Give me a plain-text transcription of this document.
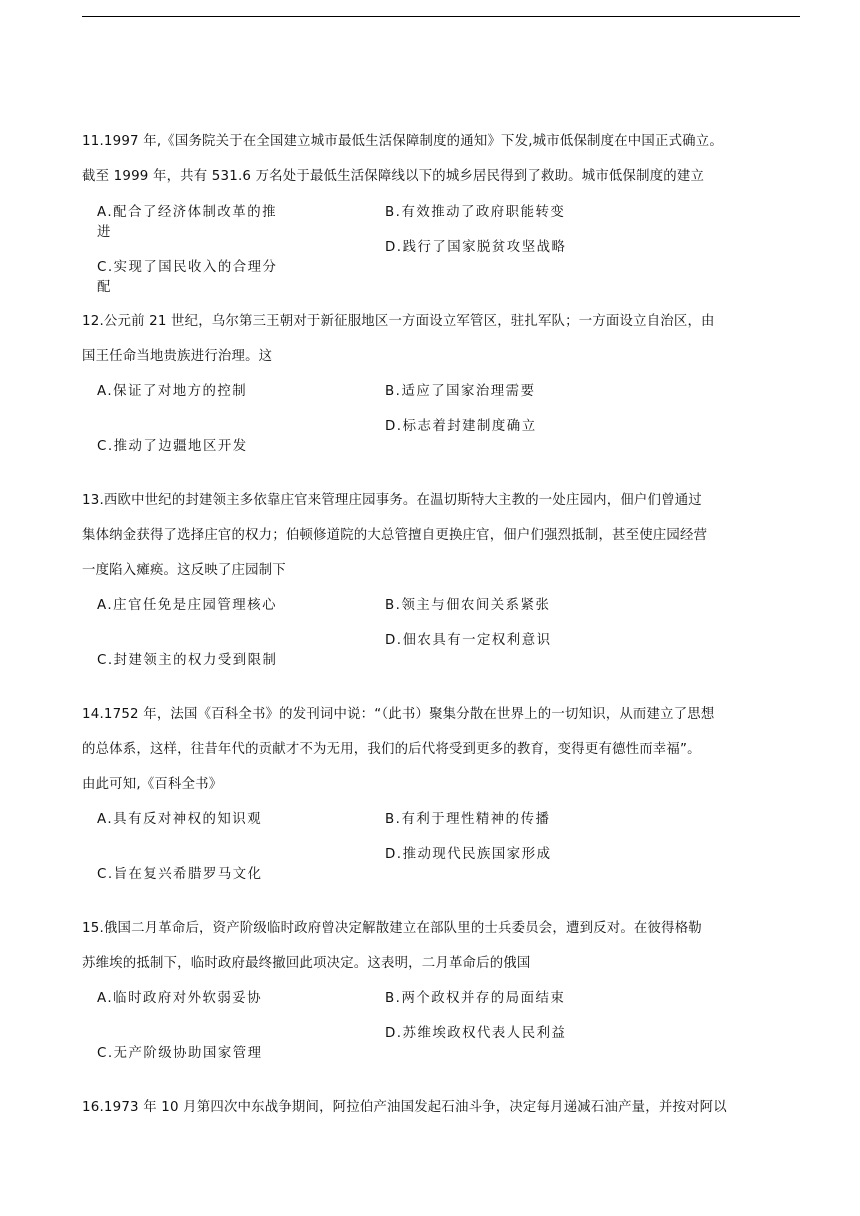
11.1997 年,《国务院关于在全国建立城市最低生活保障制度的通知》下发,城市低保制度在中国正式确立。
截至 1999 年，共有 531.6 万名处于最低生活保障线以下的城乡居民得到了救助。城市低保制度的建立
A.配合了经济体制改革的推进
B.有效推动了政府职能转变
D.践行了国家脱贫攻坚战略
C.实现了国民收入的合理分配
12.公元前 21 世纪，乌尔第三王朝对于新征服地区一方面设立军管区，驻扎军队；一方面设立自治区，由
国王任命当地贵族进行治理。这
A.保证了对地方的控制	B.适应了国家治理需要
D.标志着封建制度确立
C.推动了边疆地区开发
13.西欧中世纪的封建领主多依靠庄官来管理庄园事务。在温切斯特大主教的一处庄园内，佃户们曾通过
集体纳金获得了选择庄官的权力；伯顿修道院的大总管擅自更换庄官，佃户们强烈抵制，甚至使庄园经营
一度陷入瘫痪。这反映了庄园制下
A.庄官任免是庄园管理核心	B.领主与佃农间关系紧张
D.佃农具有一定权利意识
C.封建领主的权力受到限制
14.1752 年，法国《百科全书》的发刊词中说：“（此书）聚集分散在世界上的一切知识，从而建立了思想
的总体系，这样，往昔年代的贡献才不为无用，我们的后代将受到更多的教育，变得更有德性而幸福”。
由此可知,《百科全书》
A.具有反对神权的知识观	B.有利于理性精神的传播
D.推动现代民族国家形成
C.旨在复兴希腊罗马文化
15.俄国二月革命后，资产阶级临时政府曾决定解散建立在部队里的士兵委员会，遭到反对。在彼得格勒
苏维埃的抵制下，临时政府最终撤回此项决定。这表明，二月革命后的俄国
A.临时政府对外软弱妥协	B.两个政权并存的局面结束
D.苏维埃政权代表人民利益
C.无产阶级协助国家管理
16.1973 年 10 月第四次中东战争期间，阿拉伯产油国发起石油斗争，决定每月递减石油产量，并按对阿以
